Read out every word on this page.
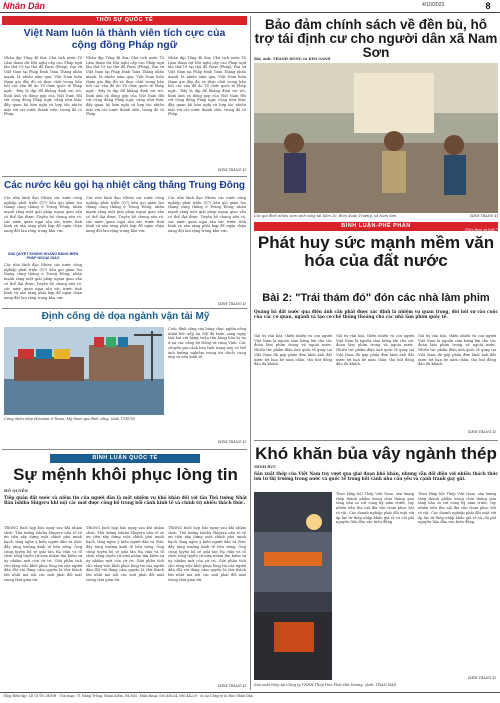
Nhân Dân	4/10/2023	8
THỜI SỰ QUỐC TẾ
Việt Nam luôn là thành viên tích cực của cộng đồng Pháp ngữ
Nhân dịp Tổng Bí thư, Chủ tịch nước Tô Lâm tham dự Hội nghị cấp cao Pháp ngữ lần thứ 19 tại thủ đô Paris (Pháp), Đại sứ Việt Nam tại Pháp Đinh Toàn Thắng nhấn mạnh, là nhiều năm qua, Việt Nam luôn tham gia đầy đủ và thực chất trong hầu hết các vấn đề do Tổ chức quốc tế Pháp ngữ... Đây là dịp để khẳng định vai trò, hình ảnh và đóng góp của Việt Nam đối với cộng đồng Pháp ngữ, cũng như thúc đẩy quan hệ hữu nghị và hợp tác nhiều mặt với các nước thành viên, trong đó có Pháp.
Nhân dịp Tổng Bí thư, Chủ tịch nước Tô Lâm tham dự Hội nghị cấp cao Pháp ngữ lần thứ 19 tại thủ đô Paris (Pháp), Đại sứ Việt Nam tại Pháp Đinh Toàn Thắng nhấn mạnh, là nhiều năm qua, Việt Nam luôn tham gia đầy đủ và thực chất trong hầu hết các vấn đề do Tổ chức quốc tế Pháp ngữ... Đây là dịp để khẳng định vai trò, hình ảnh và đóng góp của Việt Nam đối với cộng đồng Pháp ngữ, cũng như thúc đẩy quan hệ hữu nghị và hợp tác nhiều mặt với các nước thành viên, trong đó có Pháp.
Nhân dịp Tổng Bí thư, Chủ tịch nước Tô Lâm tham dự Hội nghị cấp cao Pháp ngữ lần thứ 19 tại thủ đô Paris (Pháp), Đại sứ Việt Nam tại Pháp Đinh Toàn Thắng nhấn mạnh, là nhiều năm qua, Việt Nam luôn tham gia đầy đủ và thực chất trong hầu hết các vấn đề do Tổ chức quốc tế Pháp ngữ... Đây là dịp để khẳng định vai trò, hình ảnh và đóng góp của Việt Nam đối với cộng đồng Pháp ngữ, cũng như thúc đẩy quan hệ hữu nghị và hợp tác nhiều mặt với các nước thành viên, trong đó có Pháp.
(XEM TRANG 4)
Các nước kêu gọi hạ nhiệt căng thẳng Trung Đông
Các nhà lãnh đạo Nhóm các nước công nghiệp phát triển (G7) kêu gọi giảm leo thang căng thẳng ở Trung Đông, nhấn mạnh rằng một giải pháp ngoại giao vẫn có thể đạt được. Tuyên bố chung nêu rõ, các nước quan ngại sâu sắc trước tình hình và sẵn sàng phối hợp để ngăn chặn xung đột lan rộng trong khu vực.
GIẢI QUYẾT KHỦNG HOẢNG BẰNG BIỆN PHÁP NGOẠI GIAO
Các nhà lãnh đạo Nhóm các nước công nghiệp phát triển (G7) kêu gọi giảm leo thang căng thẳng ở Trung Đông, nhấn mạnh rằng một giải pháp ngoại giao vẫn có thể đạt được. Tuyên bố chung nêu rõ, các nước quan ngại sâu sắc trước tình hình và sẵn sàng phối hợp để ngăn chặn xung đột lan rộng trong khu vực.
Các nhà lãnh đạo Nhóm các nước công nghiệp phát triển (G7) kêu gọi giảm leo thang căng thẳng ở Trung Đông, nhấn mạnh rằng một giải pháp ngoại giao vẫn có thể đạt được. Tuyên bố chung nêu rõ, các nước quan ngại sâu sắc trước tình hình và sẵn sàng phối hợp để ngăn chặn xung đột lan rộng trong khu vực.
Các nhà lãnh đạo Nhóm các nước công nghiệp phát triển (G7) kêu gọi giảm leo thang căng thẳng ở Trung Đông, nhấn mạnh rằng một giải pháp ngoại giao vẫn có thể đạt được. Tuyên bố chung nêu rõ, các nước quan ngại sâu sắc trước tình hình và sẵn sàng phối hợp để ngăn chặn xung đột lan rộng trong khu vực.
(XEM TRANG 4)
Định cống dẻ dọa ngành vận tải Mỹ
Cảng nhộn nhịp Houston ở Texas, Mỹ tham gia đình công. (Ảnh TTXVN)
Cuộc đình công của hàng chục nghìn công nhân bốc xếp tại Mỹ đã bước sang ngày thứ hai với hàng triệu tấn hàng hóa bị ùn ứ tại các cảng bờ Đông và vùng Vịnh. Các chuyên gia cảnh báo tình trạng này có thể ảnh hưởng nghiêm trọng tới chuỗi cung ứng và nền kinh tế.
(XEM TRANG 4)
BÌNH LUẬN QUỐC TẾ
Sự mệnh khôi phục lòng tin
HỒ QUYỀN
Tiếp quản đất nước và niềm tin của người dân là một nhiệm vụ khó khăn đối với tân Thủ tướng Nhật Bản Ishiba Shigeru khi nội các mới được công bố trong bối cảnh kinh tế và chính trị nhiều thách thức.
TRONG buổi họp báo ngay sau khi nhậm chức, Thủ tướng Ishiba Shigeru nêu rõ sẽ ưu tiên xây dựng một chính phủ minh bạch, lắng nghe ý kiến người dân và thúc đẩy tăng trưởng kinh tế bền vững. Ông cũng tuyên bố sẽ giải tán Hạ viện và tổ chức tổng tuyển cử sớm nhằm tìm kiếm sự ủy nhiệm mới của cử tri. Giới phân tích cho rằng việc khôi phục lòng tin của người dân đối với đảng cầm quyền là thử thách lớn nhất mà nội các mới phải đối mặt trong thời gian tới.
TRONG buổi họp báo ngay sau khi nhậm chức, Thủ tướng Ishiba Shigeru nêu rõ sẽ ưu tiên xây dựng một chính phủ minh bạch, lắng nghe ý kiến người dân và thúc đẩy tăng trưởng kinh tế bền vững. Ông cũng tuyên bố sẽ giải tán Hạ viện và tổ chức tổng tuyển cử sớm nhằm tìm kiếm sự ủy nhiệm mới của cử tri. Giới phân tích cho rằng việc khôi phục lòng tin của người dân đối với đảng cầm quyền là thử thách lớn nhất mà nội các mới phải đối mặt trong thời gian tới.
TRONG buổi họp báo ngay sau khi nhậm chức, Thủ tướng Ishiba Shigeru nêu rõ sẽ ưu tiên xây dựng một chính phủ minh bạch, lắng nghe ý kiến người dân và thúc đẩy tăng trưởng kinh tế bền vững. Ông cũng tuyên bố sẽ giải tán Hạ viện và tổ chức tổng tuyển cử sớm nhằm tìm kiếm sự ủy nhiệm mới của cử tri. Giới phân tích cho rằng việc khôi phục lòng tin của người dân đối với đảng cầm quyền là thử thách lớn nhất mà nội các mới phải đối mặt trong thời gian tới.
(XEM TRANG 4)
Bảo đảm chính sách về đền bù, hỗ trợ tái định cư cho người dân xã Nam Sơn
Bài, ảnh: THANH HỒNG và KIM OANH
Các gia đình nhiều xem sinh sống tại Xóm 20, thôn Xuân Trường, xã Nam Sơn.	(XEM TRANG 4)
BÌNH LUẬN-PHÊ PHÁN
Phát huy sức mạnh mềm văn hóa của đất nước
(Tiếp theo và hết) *
Bài 2: "Trải thảm đỏ" đón các nhà làm phim
Quảng bá đất nước qua điện ảnh cần phát được xác định là nhiệm vụ quan trọng, đòi hỏi sự vào cuộc của các cơ quan, ngành và tạo cơ chế thông thoáng cho các nhà làm phim quốc tế.
Giá trị văn hóa, thiên nhiên và con người Việt Nam là nguồn cảm hứng lớn cho các đoàn làm phim trong và ngoài nước. Nhiều tác phẩm điện ảnh quốc tế quay tại Việt Nam đã góp phần đưa hình ảnh đất nước tới bạn bè năm châu, thu hút đông đảo du khách.
Giá trị văn hóa, thiên nhiên và con người Việt Nam là nguồn cảm hứng lớn cho các đoàn làm phim trong và ngoài nước. Nhiều tác phẩm điện ảnh quốc tế quay tại Việt Nam đã góp phần đưa hình ảnh đất nước tới bạn bè năm châu, thu hút đông đảo du khách.
Giá trị văn hóa, thiên nhiên và con người Việt Nam là nguồn cảm hứng lớn cho các đoàn làm phim trong và ngoài nước. Nhiều tác phẩm điện ảnh quốc tế quay tại Việt Nam đã góp phần đưa hình ảnh đất nước tới bạn bè năm châu, thu hút đông đảo du khách.
(XEM TRANG 4)
Khó khăn bủa vây ngành thép
MINH ĐỨC
Sản xuất thép của Việt Nam tuy vượt qua giai đoạn khó khăn, nhưng vẫn đối diện với nhiều thách thức lớn từ thị trường trong nước và quốc tế trong bối cảnh nhu cầu yếu và cạnh tranh gay gắt.
Theo Hiệp hội Thép Việt Nam, sản lượng thép thành phẩm trong chín tháng qua tăng nhẹ so với cùng kỳ năm trước, tuy nhiên tiêu thụ nội địa vẫn chưa phục hồi rõ rệt. Các doanh nghiệp phải đối mặt với áp lực từ thép nhập khẩu giá rẻ và chi phí nguyên liệu đầu vào biến động.
Theo Hiệp hội Thép Việt Nam, sản lượng thép thành phẩm trong chín tháng qua tăng nhẹ so với cùng kỳ năm trước, tuy nhiên tiêu thụ nội địa vẫn chưa phục hồi rõ rệt. Các doanh nghiệp phải đối mặt với áp lực từ thép nhập khẩu giá rẻ và chi phí nguyên liệu đầu vào biến động.
Sản xuất thép tại Công ty TNHH Thép Hòa Phát Hải Dương. (Ảnh: TRẦN HẢI)
(XEM TRANG 4)
Tổng Biên tập: LÊ QUỐC MINH · Tòa soạn: 71 Hàng Trống, Hoàn Kiếm, Hà Nội · Điện thoại: 080.48224, 080.44229 · In tại Công ty In Báo Nhân Dân
